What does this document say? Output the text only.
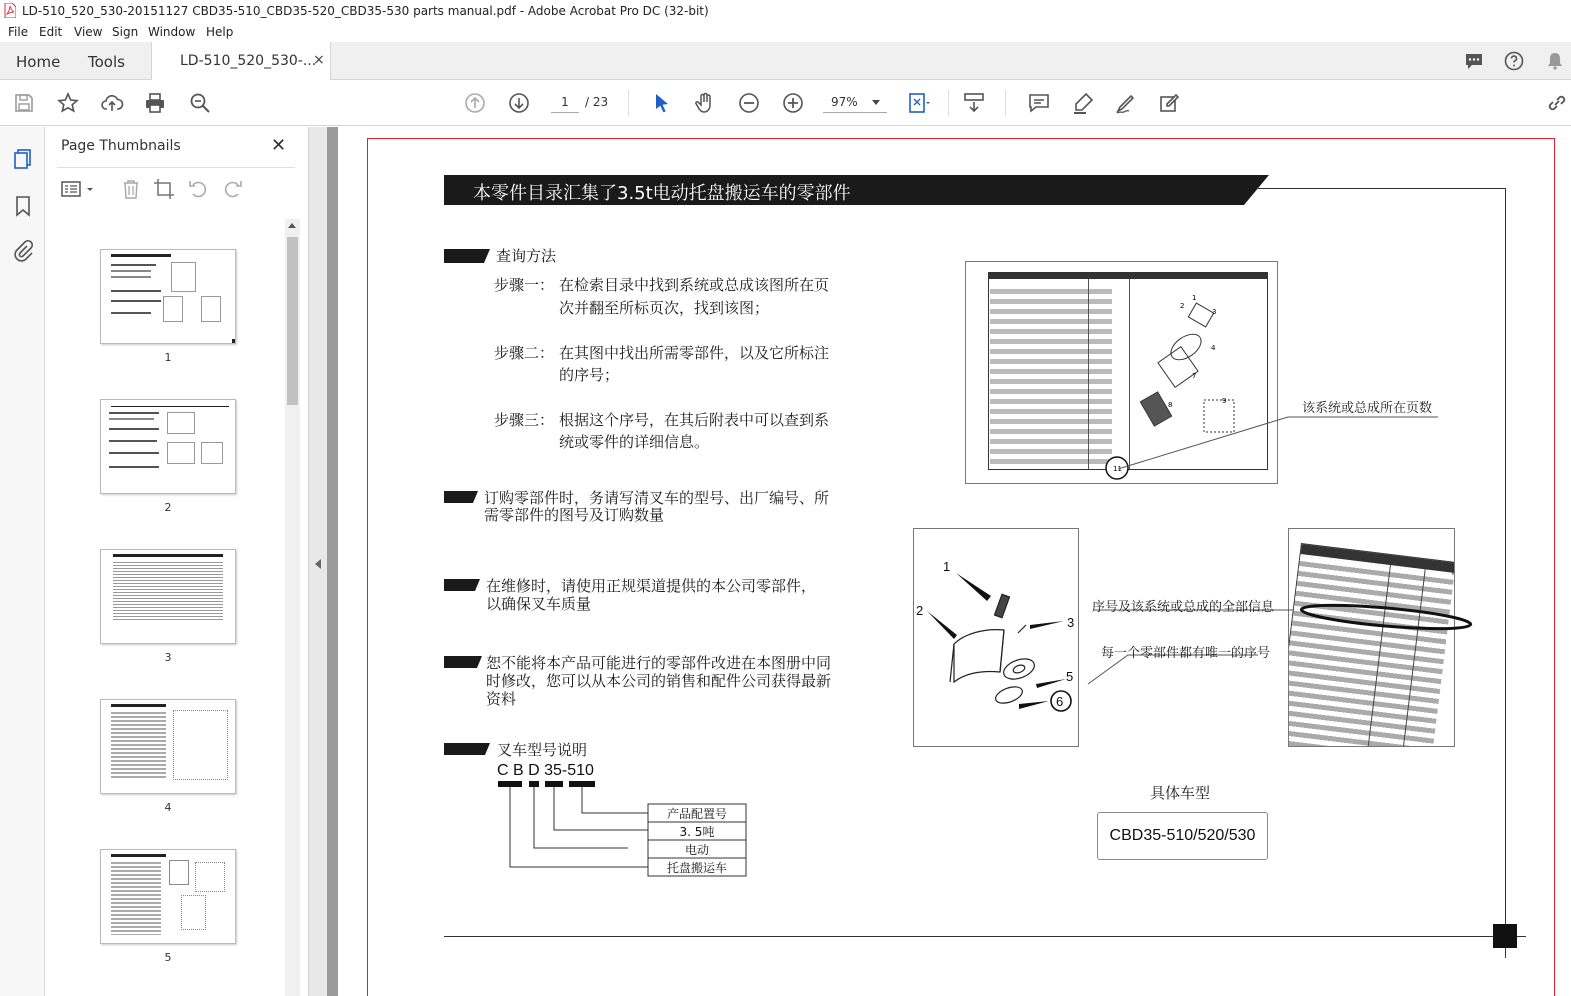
LD-510_520_530-20151127 CBD35-510_CBD35-520_CBD35-530 parts manual.pdf - Adobe Acrobat Pro DC (32-bit)
File Edit View Sign Window Help
Home Tools	LD-510_520_530-...
×
1	/ 23	97%
Page Thumbnails	✕
1
2
3
4
5
本零件目录汇集了3.5t电动托盘搬运车的零部件
查询方法
步骤一： 在检索目录中找到系统或总成该图所在页
次并翻至所标页次，找到该图；
步骤二： 在其图中找出所需零部件，以及它所标注
的序号；
步骤三： 根据这个序号，在其后附表中可以查到系
统或零件的详细信息。
订购零部件时，务请写清叉车的型号、出厂编号、所
需零部件的图号及订购数量
在维修时，请使用正规渠道提供的本公司零部件，
以确保叉车质量
恕不能将本产品可能进行的零部件改进在本图册中同
时修改，您可以从本公司的销售和配件公司获得最新
资料
叉车型号说明
C B D 35-510
产品配置号
3. 5吨
电动
托盘搬运车
1
2
3
4
7
8	9
11
该系统或总成所在页数
1
2
3
5
6
序号及该系统或总成的全部信息
每一个零部件都有唯一的序号
具体车型
CBD35-510/520/530
